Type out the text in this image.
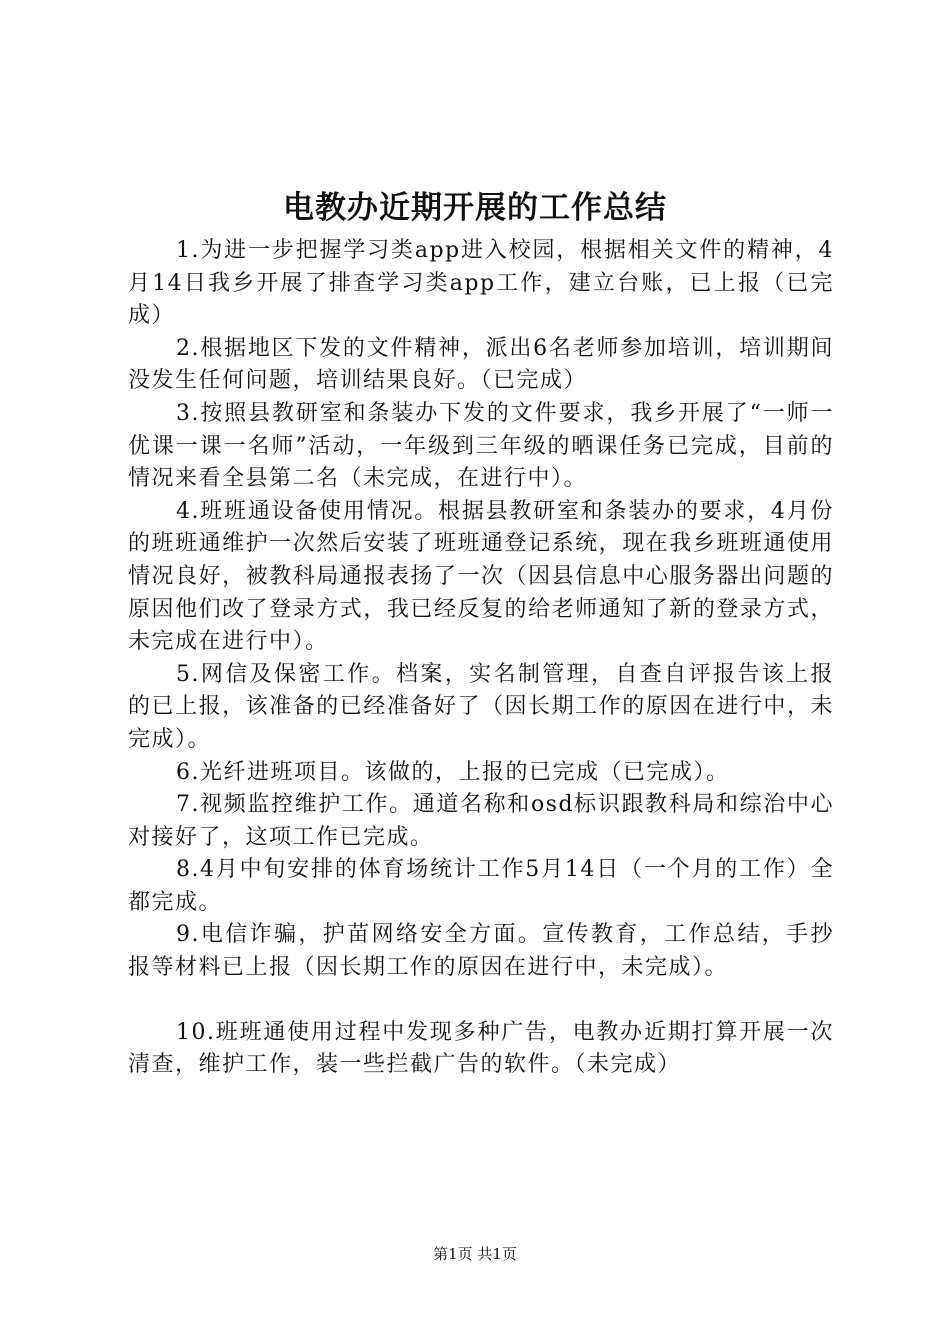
电教办近期开展的工作总结

1.为进一步把握学习类app进入校园，根据相关文件的精神，4月14日我乡开展了排查学习类app工作，建立台账，已上报（已完成）

2.根据地区下发的文件精神，派出6名老师参加培训，培训期间没发生任何问题，培训结果良好。（已完成）

3.按照县教研室和条装办下发的文件要求，我乡开展了“一师一优课一课一名师”活动，一年级到三年级的晒课任务已完成，目前的情况来看全县第二名（未完成，在进行中）。

4.班班通设备使用情况。根据县教研室和条装办的要求，4月份的班班通维护一次然后安装了班班通登记系统，现在我乡班班通使用情况良好，被教科局通报表扬了一次（因县信息中心服务器出问题的原因他们改了登录方式，我已经反复的给老师通知了新的登录方式，未完成在进行中）。

5.网信及保密工作。档案，实名制管理，自查自评报告该上报的已上报，该准备的已经准备好了（因长期工作的原因在进行中，未完成）。

6.光纤进班项目。该做的，上报的已完成（已完成）。

7.视频监控维护工作。通道名称和osd标识跟教科局和综治中心对接好了，这项工作已完成。

8.4月中旬安排的体育场统计工作5月14日（一个月的工作）全都完成。

9.电信诈骗，护苗网络安全方面。宣传教育，工作总结，手抄报等材料已上报（因长期工作的原因在进行中，未完成）。

10.班班通使用过程中发现多种广告，电教办近期打算开展一次清查，维护工作，装一些拦截广告的软件。（未完成）

第1页 共1页
